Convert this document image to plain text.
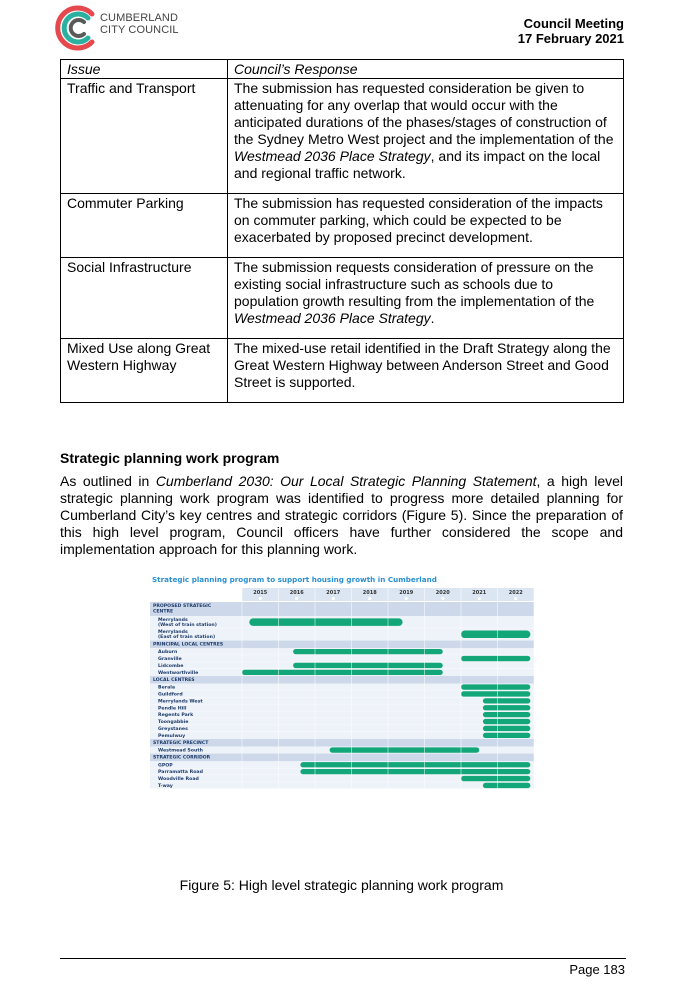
CUMBERLAND
CITY COUNCIL	Council Meeting
17 February 2021
Issue	Council’s Response
Traffic and Transport	The submission has requested consideration be given to attenuating for any overlap that would occur with the anticipated durations of the phases/stages of construction of the Sydney Metro West project and the implementation of the Westmead 2036 Place Strategy, and its impact on the local and regional traffic network.
Commuter Parking	The submission has requested consideration of the impacts on commuter parking, which could be expected to be exacerbated by proposed precinct development.
Social Infrastructure	The submission requests consideration of pressure on the existing social infrastructure such as schools due to population growth resulting from the implementation of the Westmead 2036 Place Strategy.
Mixed Use along Great Western Highway	The mixed-use retail identified in the Draft Strategy along the Great Western Highway between Anderson Street and Good Street is supported.
Strategic planning work program
As outlined in Cumberland 2030: Our Local Strategic Planning Statement, a high level strategic planning work program was identified to progress more detailed planning for Cumberland City’s key centres and strategic corridors (Figure 5). Since the preparation of this high level program, Council officers have further considered the scope and implementation approach for this planning work.
Strategic planning program to support housing growth in Cumberland
2015	2016	2017	2018	2019	2020	2021	2022
PROPOSED STRATEGIC
CENTRE
Merrylands
(West of train station)
Merrylands
(East of train station)
PRINCIPAL LOCAL CENTRES
Auburn
Granville
Lidcombe
Wentworthville
LOCAL CENTRES
Berala
Guildford
Merrylands West
Pendle Hill
Regents Park
Toongabbie
Greystanes
Pemulwuy
STRATEGIC PRECINCT
Westmead South
STRATEGIC CORRIDOR
GPOP
Parramatta Road
Woodville Road
T-way
Figure 5: High level strategic planning work program
Page 183
